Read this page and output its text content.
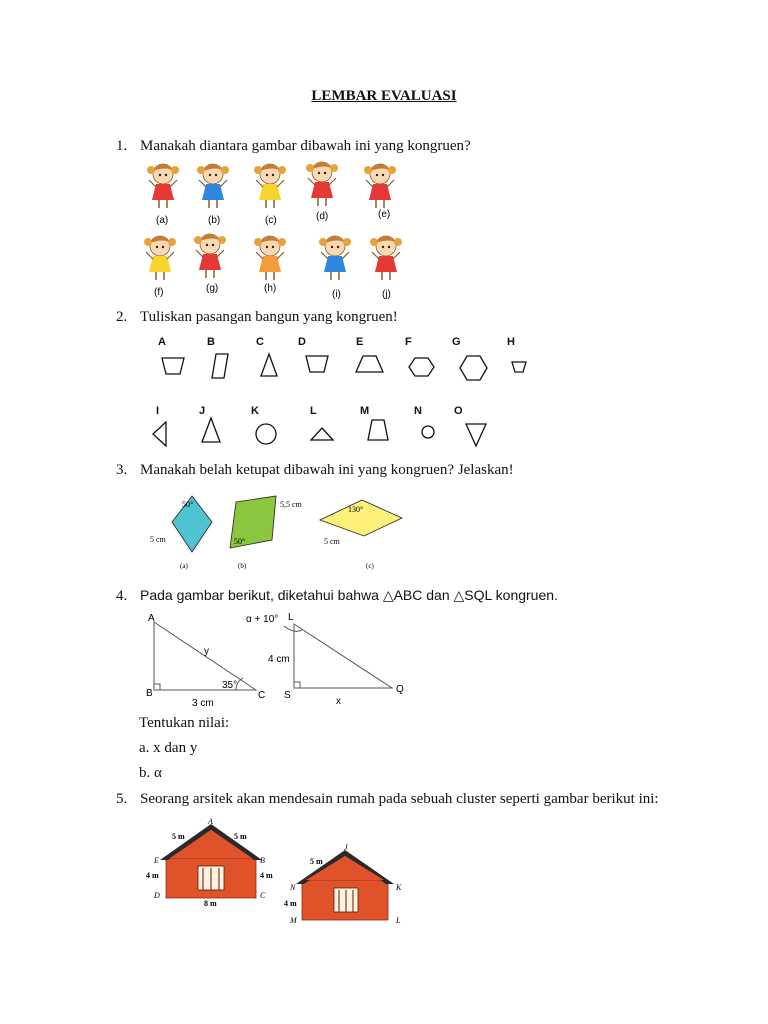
LEMBAR EVALUASI
1. Manakah diantara gambar dibawah ini yang kongruen?
(a)	(b)	(c)	(d)	(e)
(f)	(g)	(h)
(i)	(j)
2. Tuliskan pasangan bangun yang kongruen!
A	B	C	D	E	F	G	H
I	J	K	L	M	N	O
3. Manakah belah ketupat dibawah ini yang kongruen? Jelaskan!
50°
5 cm
(a)
5,5 cm
50°
(b)
130°
5 cm
(c)
4. Pada gambar berikut, diketahui bahwa △ABC dan △SQL kongruen.
A
B	C
y
35°
3 cm
α + 10° L
S
Q
4 cm
x
Tentukan nilai:
a. x dan y
b. α
5. Seorang arsitek akan mendesain rumah pada sebuah cluster seperti gambar berikut ini:
A
5 m	5 m
E	B
4 m	4 m
D	C
8 m
J
5 m
N	K
4 m
M	L
